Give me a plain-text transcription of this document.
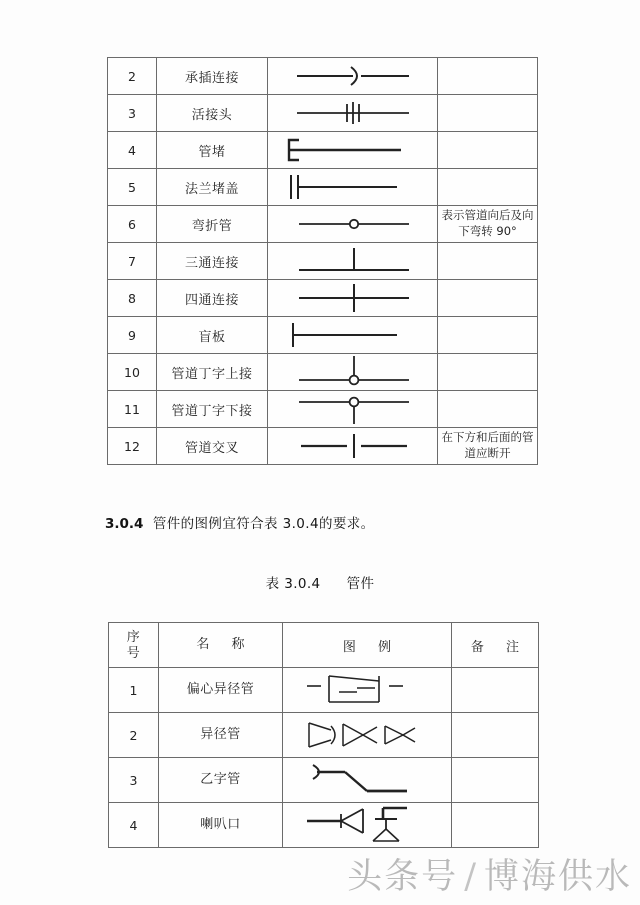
2	承插连接	

3	活接头	

4	管堵	

5	法兰堵盖	

6	弯折管		表示管道向后及向下弯转 90°
7	三通连接	

8	四通连接	

9	盲板	

10	管道丁字上接	

11	管道丁字下接	

12	管道交叉		在下方和后面的管道应断开
3.0.4 管件的图例宜符合表 3.0.4的要求。
表 3.0.4 管件
序
号	名 称	图 例	备 注
1	偏心异径管	

2	异径管	

3	乙字管	

4	喇叭口	

头条号 / 博海供水
